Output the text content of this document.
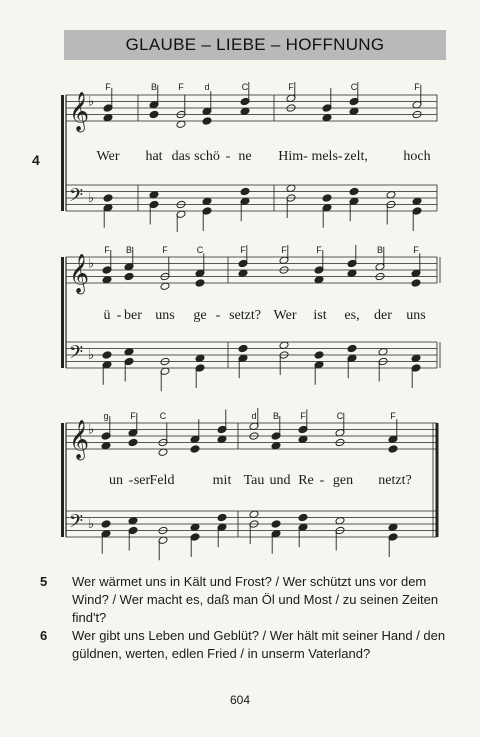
GLAUBE – LIEBE – HOFFNUNG
𝄞
♭
𝄢 ♭
4
F	B F d	C	F	C	F
Wer hat das schö - ne Him- mels- zelt,	hoch
𝄞
♭
𝄢 ♭
F B	F	C	F	F	F	B	F
ü - ber uns ge - setzt? Wer ist es, der uns
𝄞
♭
𝄢 ♭
g F	C	d B F	C	F
un - ser Feld	mit Tau und Re - gen netzt?
5 Wer wärmet uns in Kält und Frost? / Wer schützt uns vor dem
Wind? / Wer macht es, daß man Öl und Most / zu seinen Zeiten
find't?
6 Wer gibt uns Leben und Geblüt? / Wer hält mit seiner Hand / den
güldnen, werten, edlen Fried / in unserm Vaterland?
604
